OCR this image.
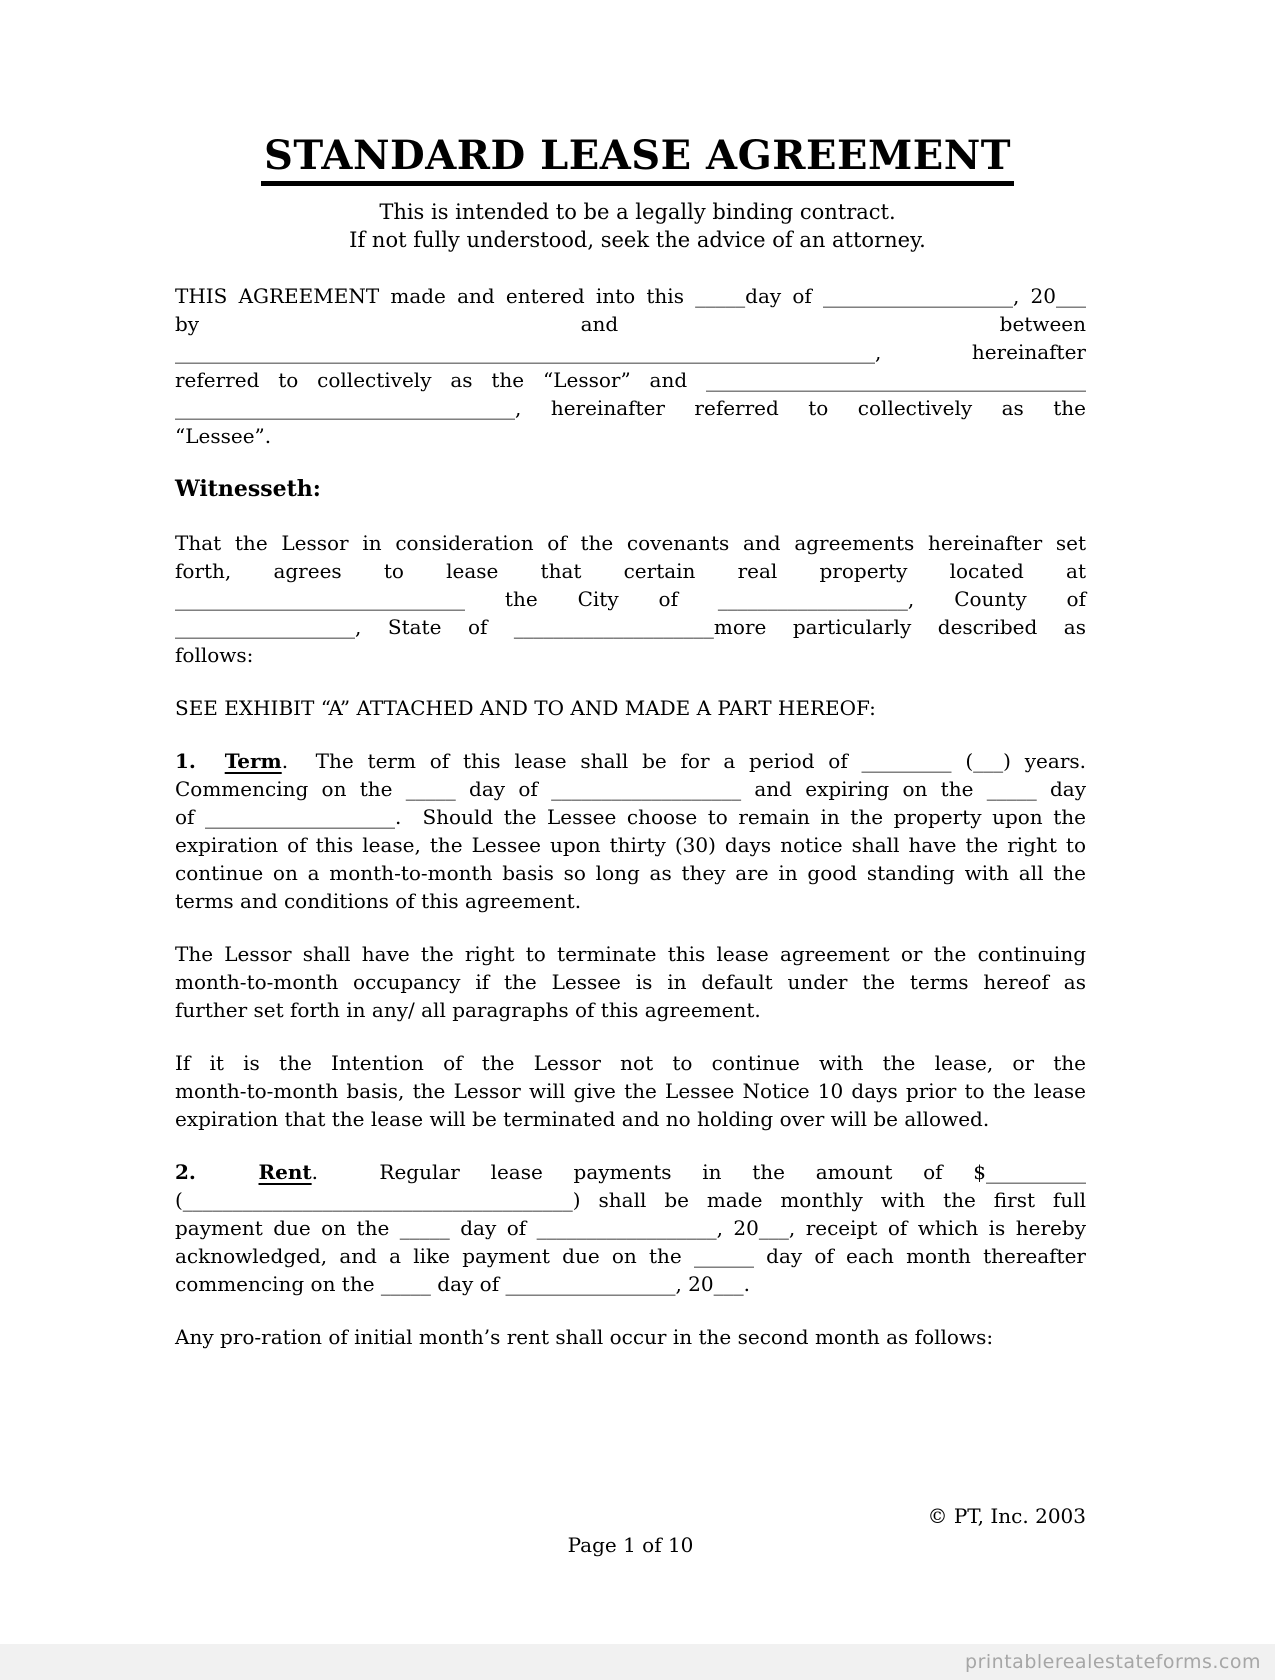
STANDARD LEASE AGREEMENT
This is intended to be a legally binding contract.
If not fully understood, seek the advice of an attorney.
THIS AGREEMENT made and entered into this _____day of ___________________, 20___
by and between
______________________________________________________________________, hereinafter
referred to collectively as the “Lessor” and ______________________________________
__________________________________, hereinafter referred to collectively as the
“Lessee”.
Witnesseth:
That the Lessor in consideration of the covenants and agreements hereinafter set
forth, agrees to lease that certain real property located at
_____________________________ the City of ___________________, County of
__________________, State of ____________________more particularly described as
follows:
SEE EXHIBIT “A” ATTACHED AND TO AND MADE A PART HEREOF:
1.  Term.  The term of this lease shall be for a period of _________ (___) years.
Commencing on the _____ day of ___________________ and expiring on the _____ day
of ___________________.  Should the Lessee choose to remain in the property upon the
expiration of this lease, the Lessee upon thirty (30) days notice shall have the right to
continue on a month-to-month basis so long as they are in good standing with all the
terms and conditions of this agreement.
The Lessor shall have the right to terminate this lease agreement or the continuing
month-to-month occupancy if the Lessee is in default under the terms hereof as
further set forth in any/ all paragraphs of this agreement.
If it is the Intention of the Lessor not to continue with the lease, or the
month-to-month basis, the Lessor will give the Lessee Notice 10 days prior to the lease
expiration that the lease will be terminated and no holding over will be allowed.
2.  Rent.  Regular lease payments in the amount of $__________
(_______________________________________) shall be made monthly with the first full
payment due on the _____ day of __________________, 20___, receipt of which is hereby
acknowledged, and a like payment due on the ______ day of each month thereafter
commencing on the _____ day of _________________, 20___.
Any pro-ration of initial month’s rent shall occur in the second month as follows:
© PT, Inc. 2003
Page 1 of 10
printablerealestateforms.com
